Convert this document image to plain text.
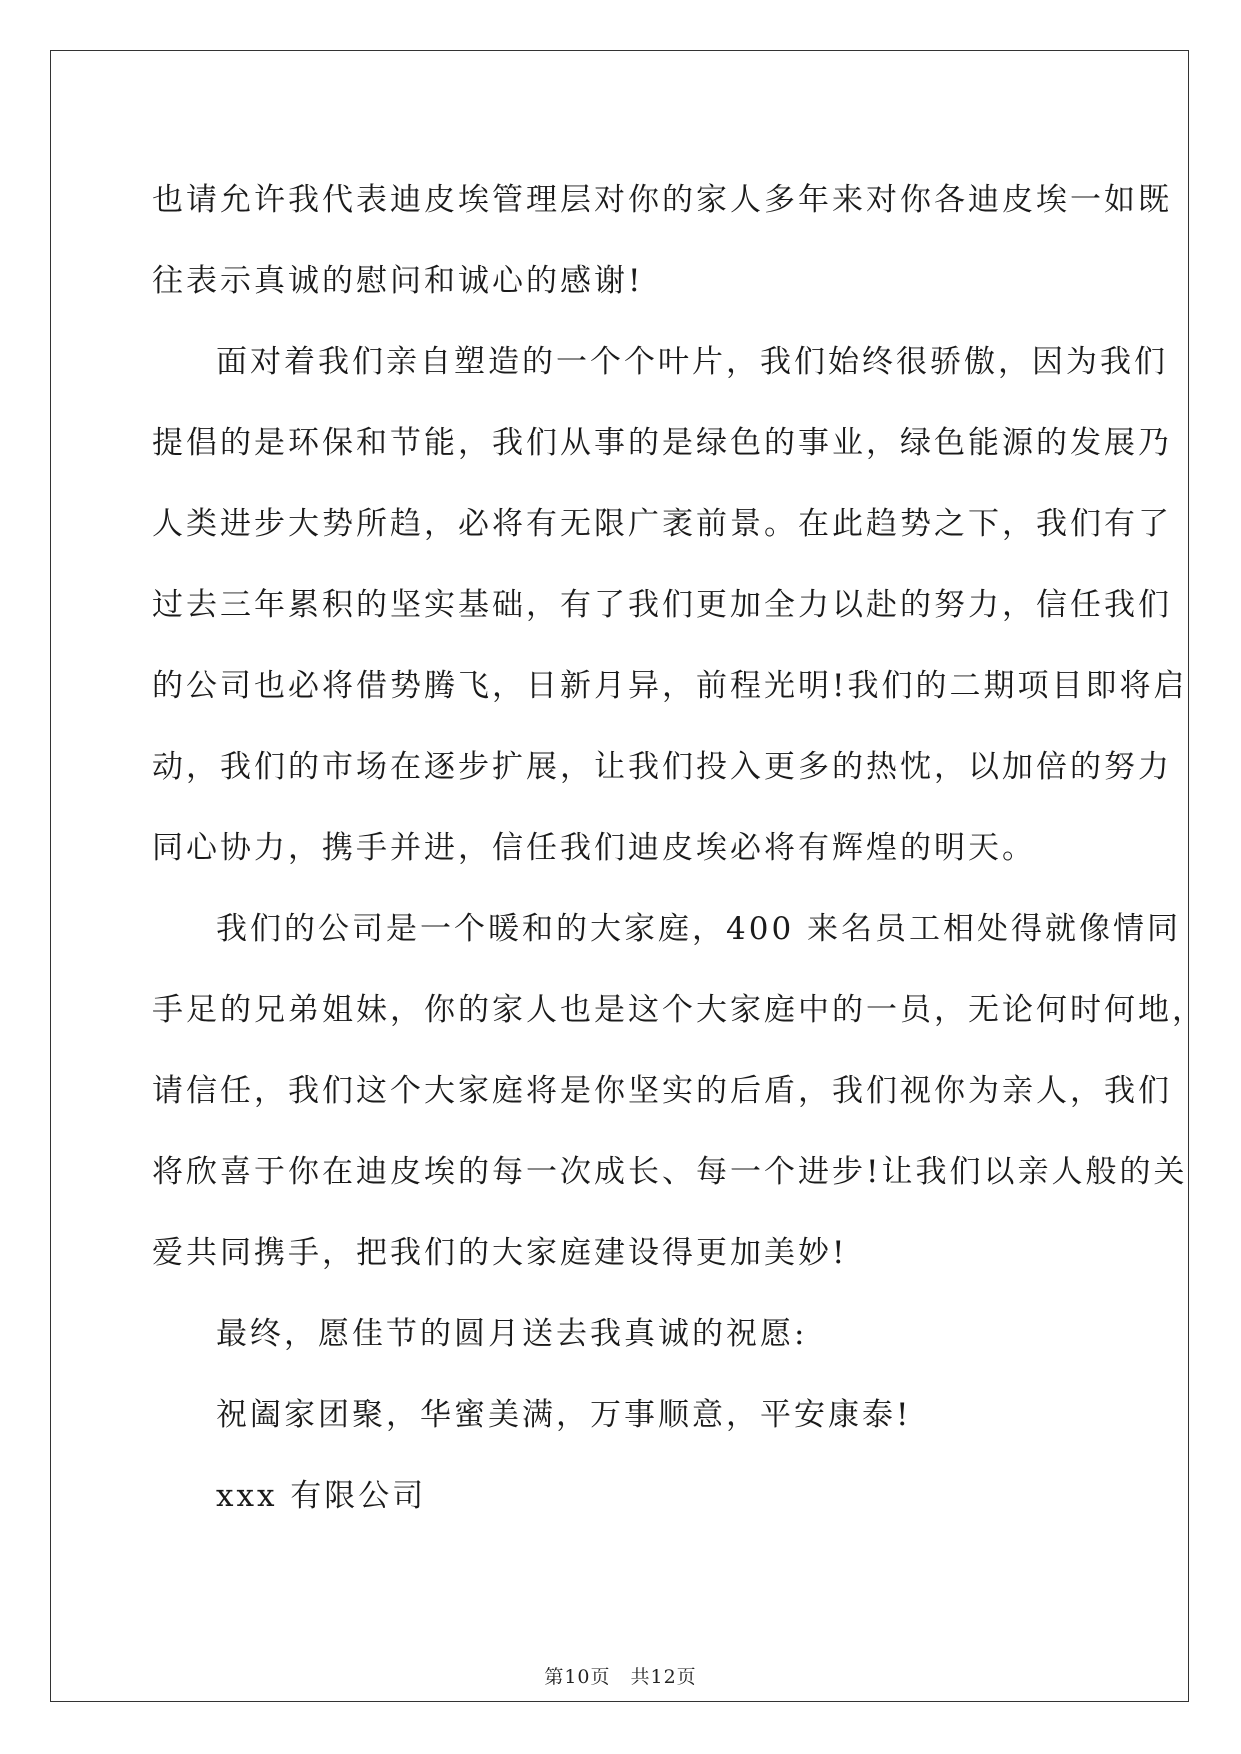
也请允许我代表迪皮埃管理层对你的家人多年来对你各迪皮埃一如既
往表示真诚的慰问和诚心的感谢!

面对着我们亲自塑造的一个个叶片，我们始终很骄傲，因为我们
提倡的是环保和节能，我们从事的是绿色的事业，绿色能源的发展乃
人类进步大势所趋，必将有无限广袤前景。在此趋势之下，我们有了
过去三年累积的坚实基础，有了我们更加全力以赴的努力，信任我们
的公司也必将借势腾飞，日新月异，前程光明!我们的二期项目即将启
动，我们的市场在逐步扩展，让我们投入更多的热忱，以加倍的努力
同心协力，携手并进，信任我们迪皮埃必将有辉煌的明天。

我们的公司是一个暖和的大家庭，400 来名员工相处得就像情同
手足的兄弟姐妹，你的家人也是这个大家庭中的一员，无论何时何地，
请信任，我们这个大家庭将是你坚实的后盾，我们视你为亲人，我们
将欣喜于你在迪皮埃的每一次成长、每一个进步!让我们以亲人般的关
爱共同携手，把我们的大家庭建设得更加美妙!

最终，愿佳节的圆月送去我真诚的祝愿:

祝阖家团聚，华蜜美满，万事顺意，平安康泰!

xxx 有限公司

第10页　共12页
